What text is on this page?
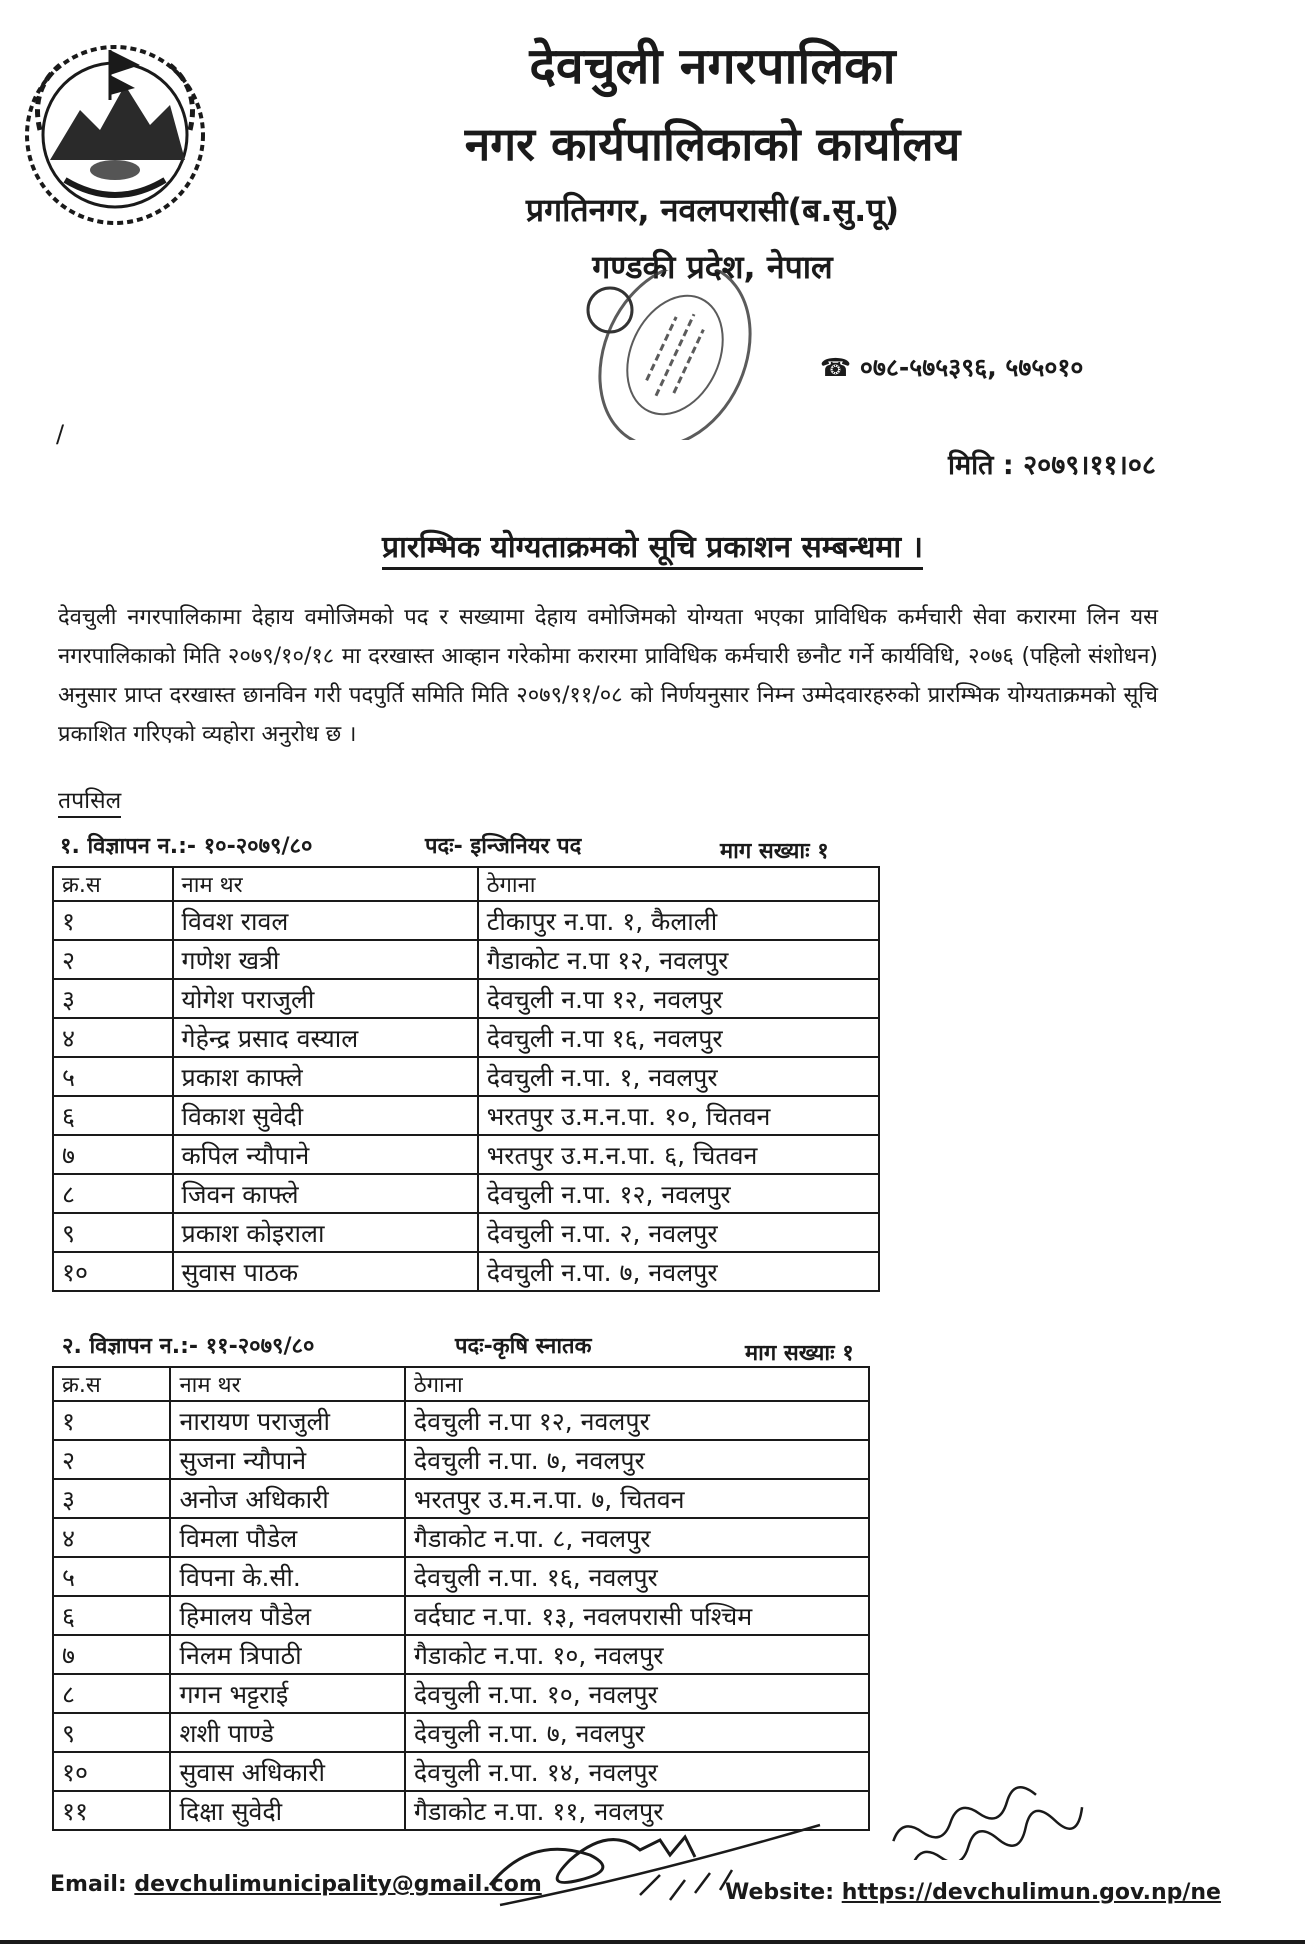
देवचुली नगरपालिका
नगर कार्यपालिकाको कार्यालय
प्रगतिनगर, नवलपरासी(ब.सु.पू)
गण्डकी प्रदेश, नेपाल
☎ ०७८-५७५३९६, ५७५०१०
/
मिति : २०७९।११।०८
प्रारम्भिक योग्यताक्रमको सूचि प्रकाशन सम्बन्धमा ।
देवचुली नगरपालिकामा देहाय वमोजिमको पद र सख्यामा देहाय वमोजिमको योग्यता भएका प्राविधिक कर्मचारी सेवा करारमा लिन यस नगरपालिकाको मिति २०७९/१०/१८ मा दरखास्त आव्हान गरेकोमा करारमा प्राविधिक कर्मचारी छनौट गर्ने कार्यविधि, २०७६ (पहिलो संशोधन) अनुसार प्राप्त दरखास्त छानविन गरी पदपुर्ति समिति मिति २०७९/११/०८ को निर्णयनुसार निम्न उम्मेदवारहरुको प्रारम्भिक योग्यताक्रमको सूचि प्रकाशित गरिएको व्यहोरा अनुरोध छ ।
तपसिल
१. विज्ञापन न.:- १०-२०७९/८०	पदः- इन्जिनियर पद	माग सख्याः १
क्र.स	नाम थर	ठेगाना
१	विवश रावल	टीकापुर न.पा. १, कैलाली
२	गणेश खत्री	गैडाकोट न.पा १२, नवलपुर
३	योगेश पराजुली	देवचुली न.पा १२, नवलपुर
४	गेहेन्द्र प्रसाद वस्याल	देवचुली न.पा १६, नवलपुर
५	प्रकाश काफ्ले	देवचुली न.पा. १, नवलपुर
६	विकाश सुवेदी	भरतपुर उ.म.न.पा. १०, चितवन
७	कपिल न्यौपाने	भरतपुर उ.म.न.पा. ६, चितवन
८	जिवन काफ्ले	देवचुली न.पा. १२, नवलपुर
९	प्रकाश कोइराला	देवचुली न.पा. २, नवलपुर
१०	सुवास पाठक	देवचुली न.पा. ७, नवलपुर
२. विज्ञापन न.:- ११-२०७९/८०	पदः-कृषि स्नातक	माग सख्याः १
क्र.स	नाम थर	ठेगाना
१	नारायण पराजुली	देवचुली न.पा १२, नवलपुर
२	सुजना न्यौपाने	देवचुली न.पा. ७, नवलपुर
३	अनोज अधिकारी	भरतपुर उ.म.न.पा. ७, चितवन
४	विमला पौडेल	गैडाकोट न.पा. ८, नवलपुर
५	विपना के.सी.	देवचुली न.पा. १६, नवलपुर
६	हिमालय पौडेल	वर्दघाट न.पा. १३, नवलपरासी पश्चिम
७	निलम त्रिपाठी	गैडाकोट न.पा. १०, नवलपुर
८	गगन भट्टराई	देवचुली न.पा. १०, नवलपुर
९	शशी पाण्डे	देवचुली न.पा. ७, नवलपुर
१०	सुवास अधिकारी	देवचुली न.पा. १४, नवलपुर
११	दिक्षा सुवेदी	गैडाकोट न.पा. ११, नवलपुर
Email: devchulimunicipality@gmail.com	Website: https://devchulimun.gov.np/ne
